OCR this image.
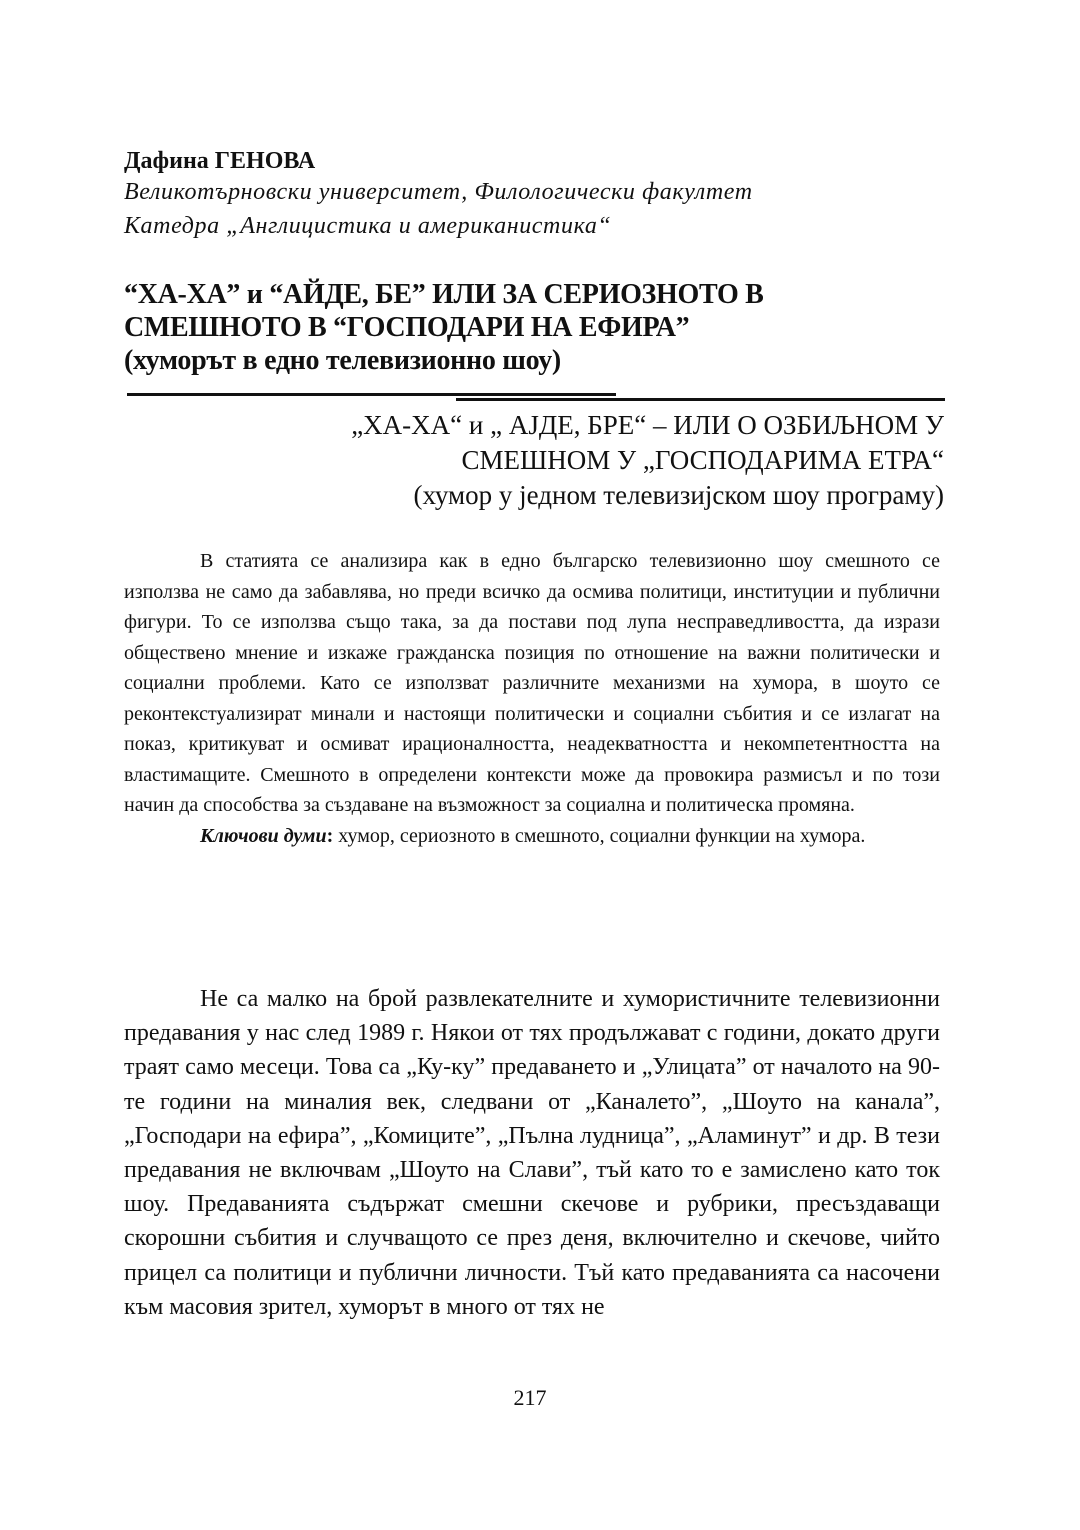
Дафина ГЕНОВА
Великотърновски университет, Филологически факултет
Катедра „Англицистика и американистика“
“ХА-ХА” и “АЙДЕ, БЕ” ИЛИ ЗА СЕРИОЗНОТО В
СМЕШНОТО В “ГОСПОДАРИ НА ЕФИРА”
(хуморът в едно телевизионно шоу)
„ХА-ХА“ и „ АЈДЕ, БРЕ“ – ИЛИ О ОЗБИЉНОМ У
СМЕШНОМ У „ГОСПОДАРИМА ЕТРА“
(хумор у једном телевизијском шоу програму)

В статията се анализира как в едно българско телевизионно шоу смешното се използва не само да забавлява, но преди всичко да осмива политици, институции и публични фигури. То се използва също така, за да постави под лупа несправедливостта, да изрази обществено мнение и изкаже гражданска позиция по отношение на важни политически и социални проблеми. Като се използват различните механизми на хумора, в шоуто се реконтекстуализират минали и настоящи политически и социални събития и се излагат на показ, критикуват и осмиват ирационалността, неадекватността и некомпетентността на властимащите. Смешното в определени контексти може да провокира размисъл и по този начин да способства за създаване на възможност за социална и политическа промяна.

Ключови думи: хумор, сериозното в смешното, социални функции на хумора.

Не са малко на брой развлекателните и хумористичните телевизионни предавания у нас след 1989 г. Някои от тях продължават с години, докато други траят само месеци. Това са „Ку-ку” предаването и „Улицата” от началото на 90-те години на миналия век, следвани от „Каналето”, „Шоуто на канала”, „Господари на ефира”, „Комиците”, „Пълна лудница”, „Аламинут” и др. В тези предавания не включвам „Шоуто на Слави”, тъй като то е замислено като ток шоу. Предаванията съдържат смешни скечове и рубрики, пресъздаващи скорошни събития и случващото се през деня, включително и скечове, чийто прицел са политици и публични личности. Тъй като предаванията са насочени към масовия зрител, хуморът в много от тях не

217
